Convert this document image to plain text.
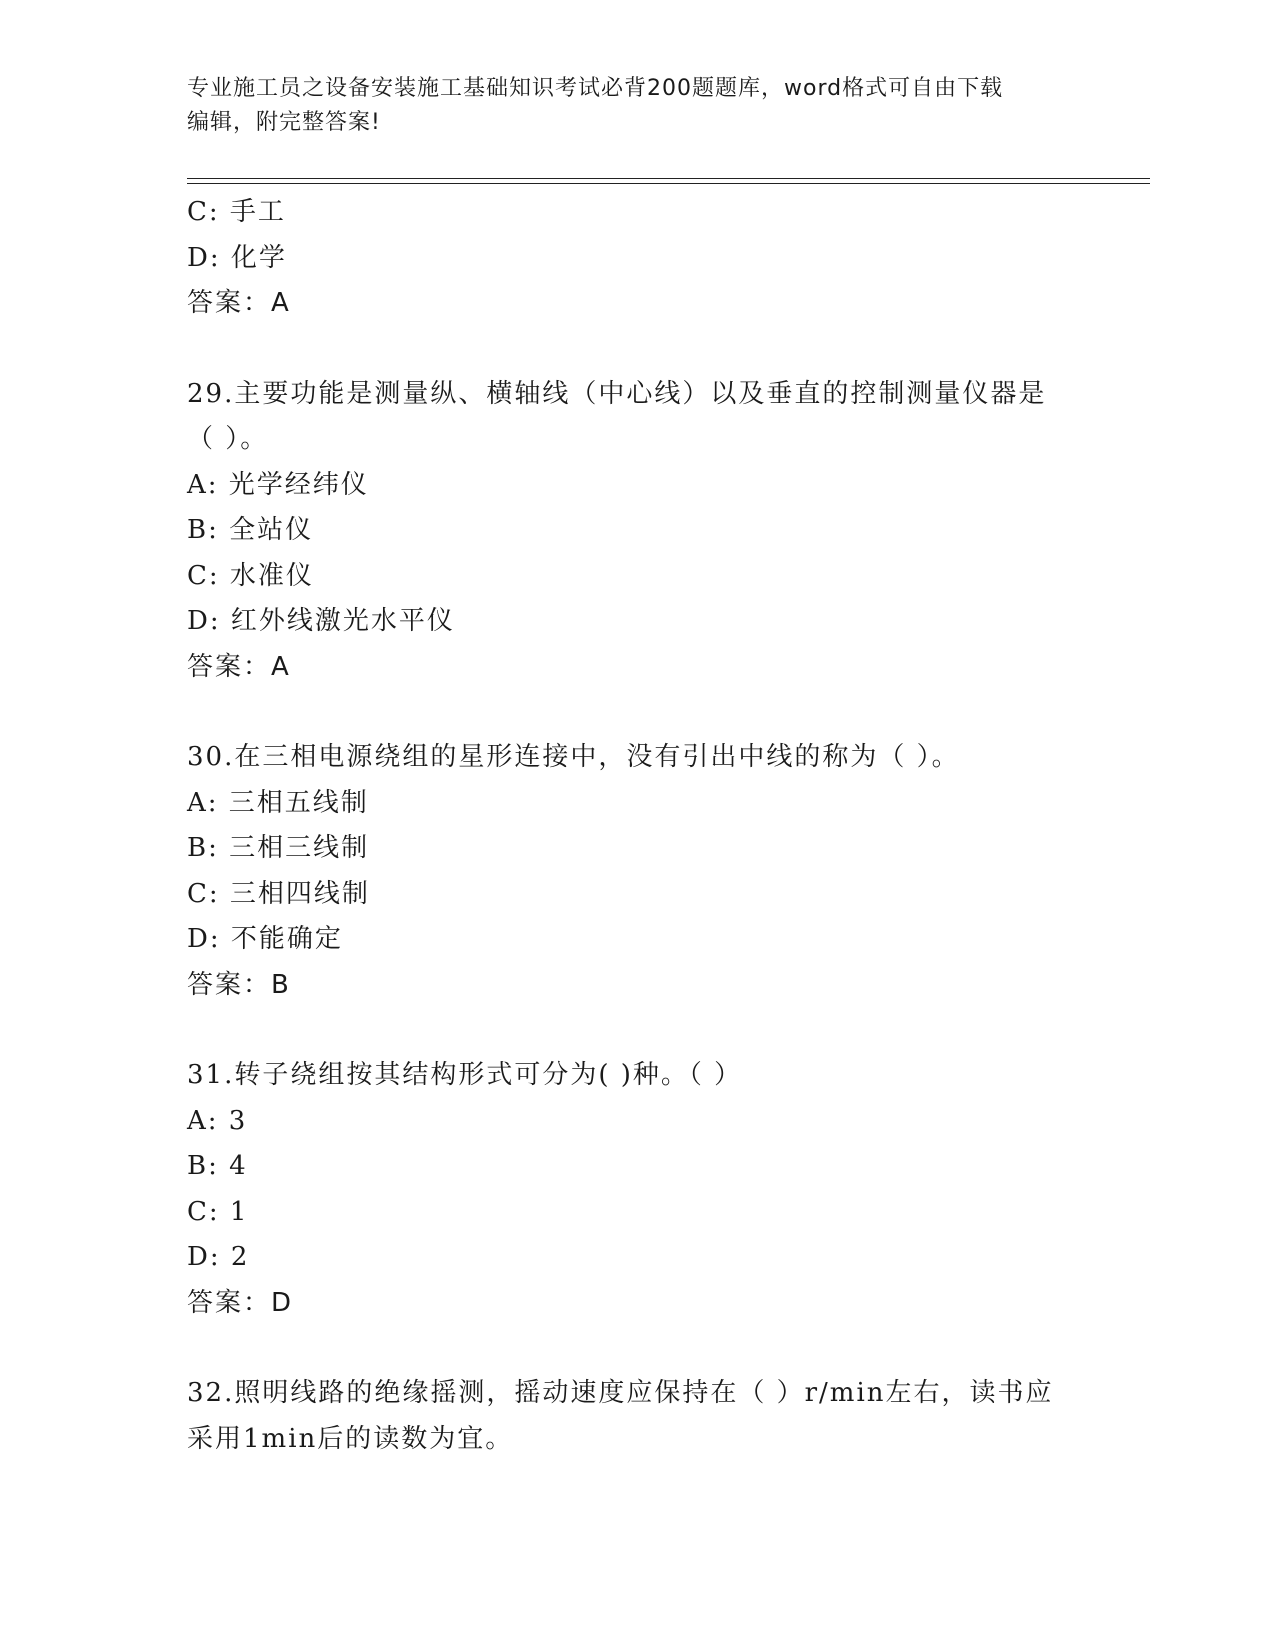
专业施工员之设备安装施工基础知识考试必背200题题库，word格式可自由下载
编辑，附完整答案!
C: 手工
D: 化学
答案：A
29.主要功能是测量纵、横轴线（中心线）以及垂直的控制测量仪器是
（ ）。
A: 光学经纬仪
B: 全站仪
C: 水准仪
D: 红外线激光水平仪
答案：A
30.在三相电源绕组的星形连接中，没有引出中线的称为（ ）。
A: 三相五线制
B: 三相三线制
C: 三相四线制
D: 不能确定
答案：B
31.转子绕组按其结构形式可分为( )种。（ ）
A: 3
B: 4
C: 1
D: 2
答案：D
32.照明线路的绝缘摇测，摇动速度应保持在（ ）r/min左右，读书应
采用1min后的读数为宜。
